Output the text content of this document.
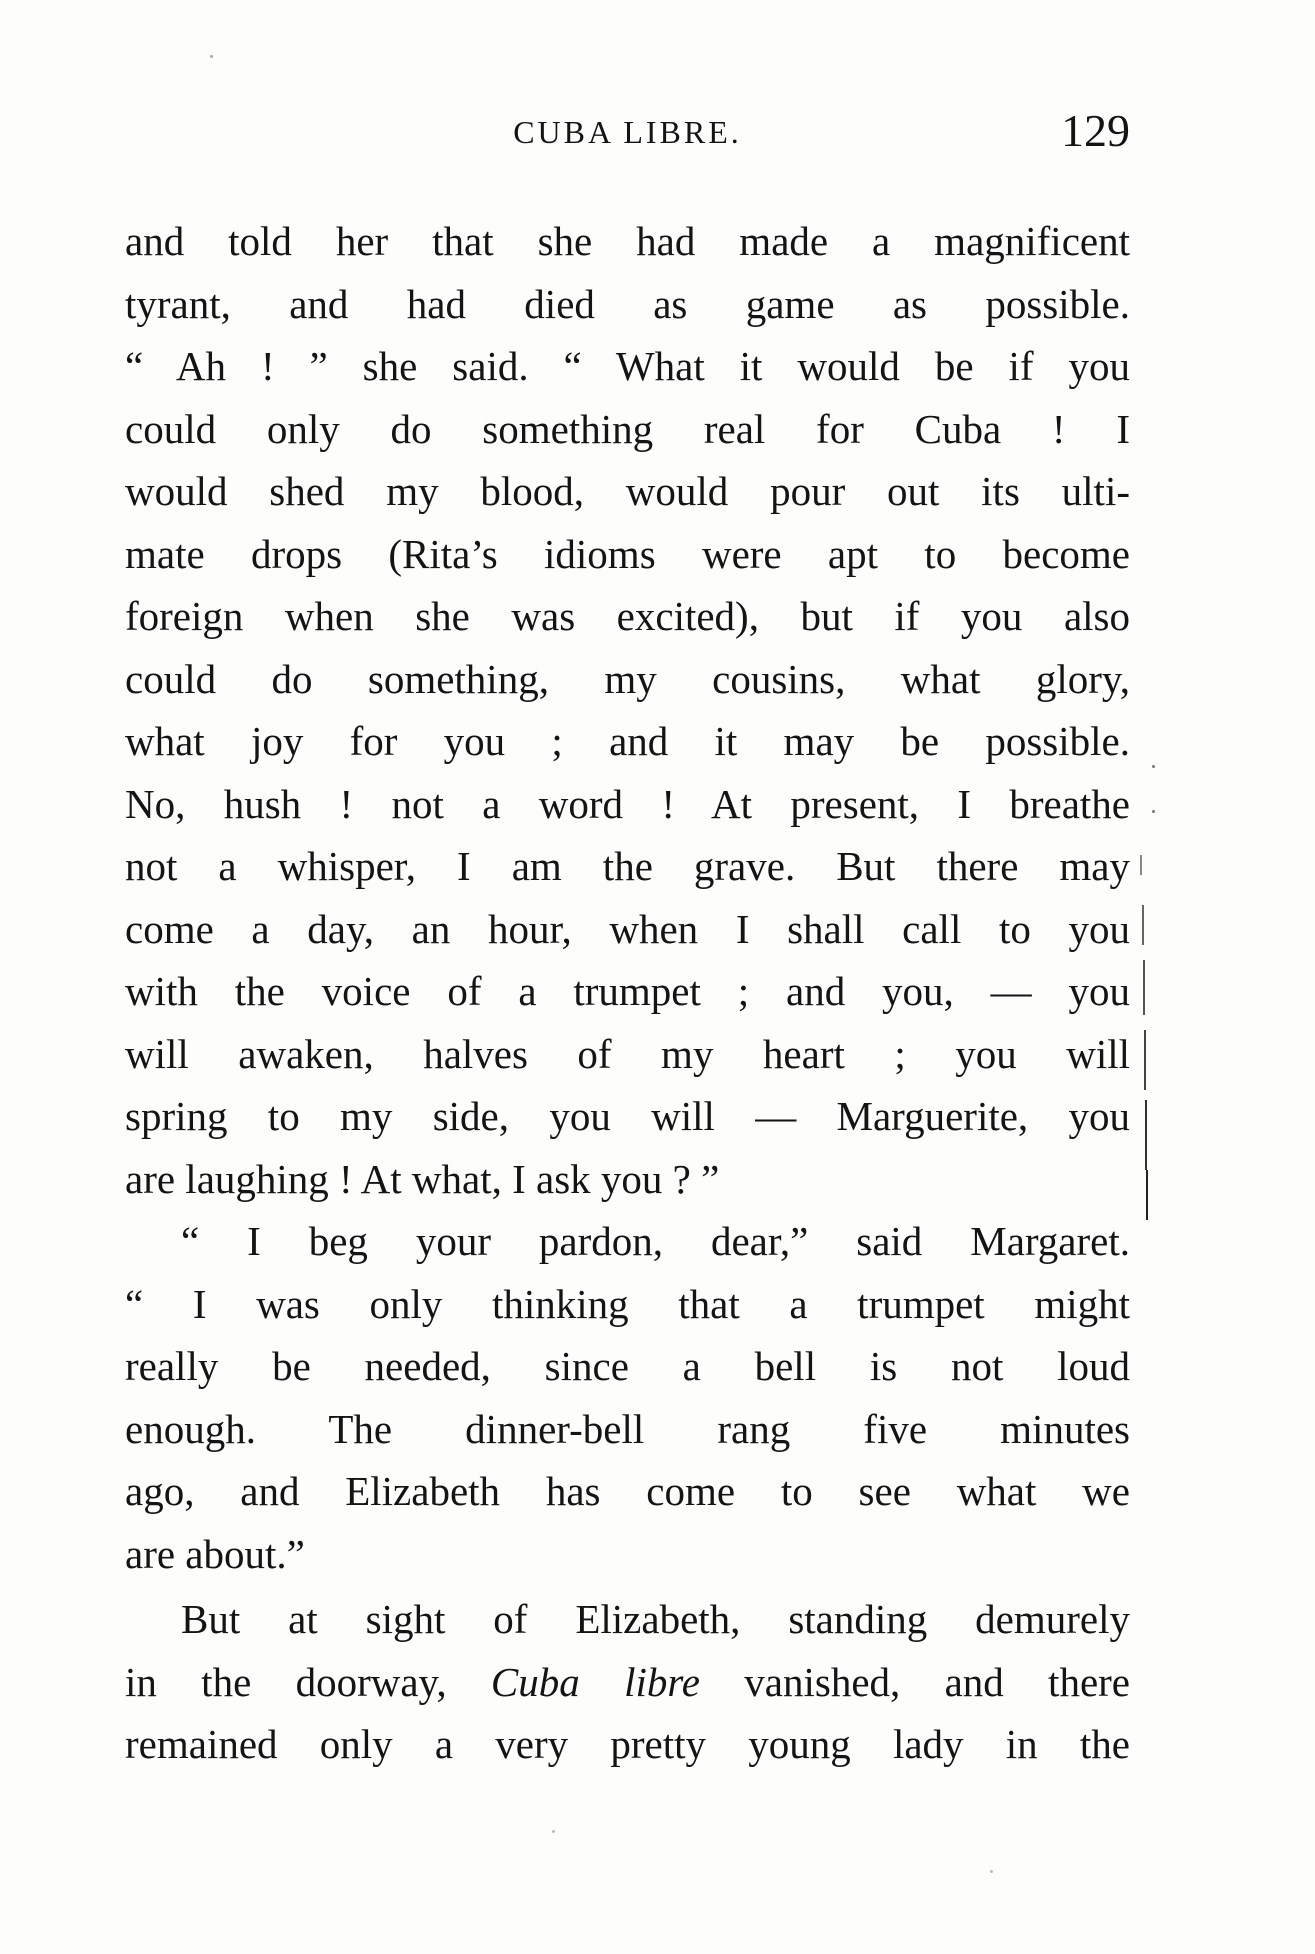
CUBA LIBRE.	129
and told her that she had made a magnificent
tyrant, and had died as game as possible.
“ Ah ! ” she said. “ What it would be if you
could only do something real for Cuba ! I
would shed my blood, would pour out its ulti-
mate drops (Rita’s idioms were apt to become
foreign when she was excited), but if you also
could do something, my cousins, what glory,
what joy for you ; and it may be possible.
No, hush ! not a word ! At present, I breathe
not a whisper, I am the grave. But there may
come a day, an hour, when I shall call to you
with the voice of a trumpet ; and you, — you
will awaken, halves of my heart ; you will
spring to my side, you will — Marguerite, you
are laughing ! At what, I ask you ? ”
“ I beg your pardon, dear,” said Margaret.
“ I was only thinking that a trumpet might
really be needed, since a bell is not loud
enough. The dinner-bell rang five minutes
ago, and Elizabeth has come to see what we
are about.”
But at sight of Elizabeth, standing demurely
in the doorway, Cuba libre vanished, and there
remained only a very pretty young lady in the
